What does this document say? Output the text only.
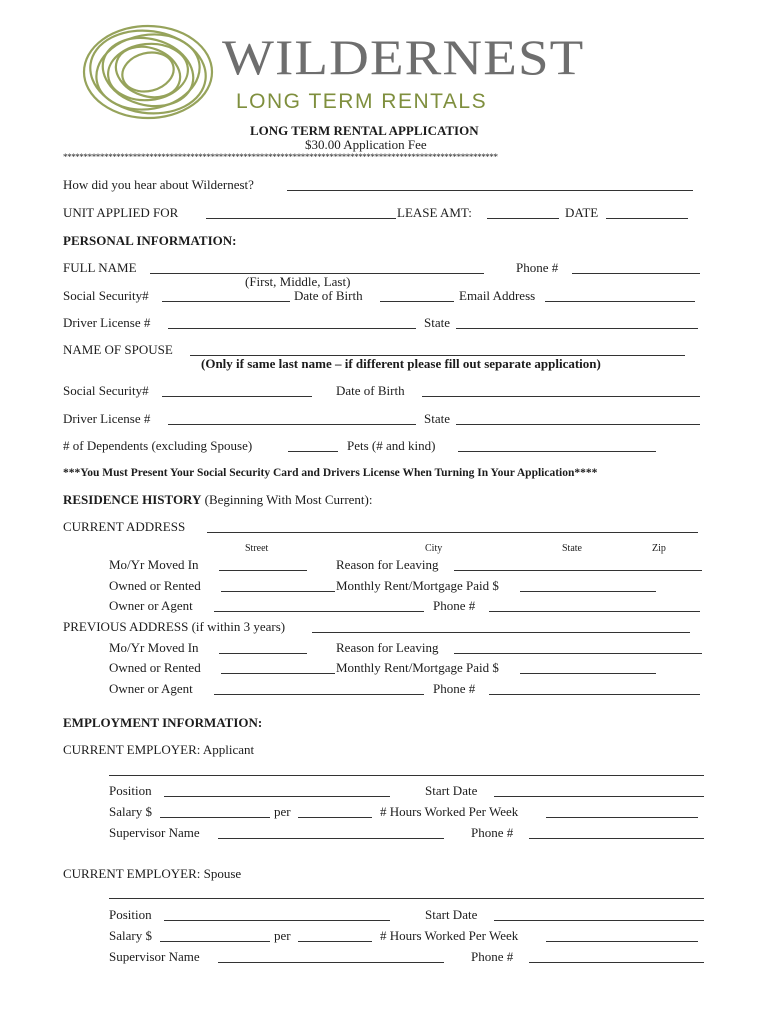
WILDERNEST
LONG TERM RENTALS
LONG TERM RENTAL APPLICATION
$30.00 Application Fee
**********************************************************************************************************
How did you hear about Wildernest?
UNIT APPLIED FOR	LEASE AMT:	DATE
PERSONAL INFORMATION:
FULL NAME	Phone #
(First, Middle, Last)
Social Security#	Date of Birth	Email Address
Driver License #	State
NAME OF SPOUSE
(Only if same last name – if different please fill out separate application)
Social Security#	Date of Birth
Driver License #	State
# of Dependents (excluding Spouse)	Pets (# and kind)
***You Must Present Your Social Security Card and Drivers License When Turning In Your Application****
RESIDENCE HISTORY (Beginning With Most Current):
CURRENT ADDRESS
Street	City	State	Zip
Mo/Yr Moved In	Reason for Leaving
Owned or Rented	Monthly Rent/Mortgage Paid $
Owner or Agent	Phone #
PREVIOUS ADDRESS (if within 3 years)
Mo/Yr Moved In	Reason for Leaving
Owned or Rented	Monthly Rent/Mortgage Paid $
Owner or Agent	Phone #
EMPLOYMENT INFORMATION:
CURRENT EMPLOYER: Applicant
Position	Start Date
Salary $	per	# Hours Worked Per Week
Supervisor Name	Phone #
CURRENT EMPLOYER: Spouse
Position	Start Date
Salary $	per	# Hours Worked Per Week
Supervisor Name	Phone #
